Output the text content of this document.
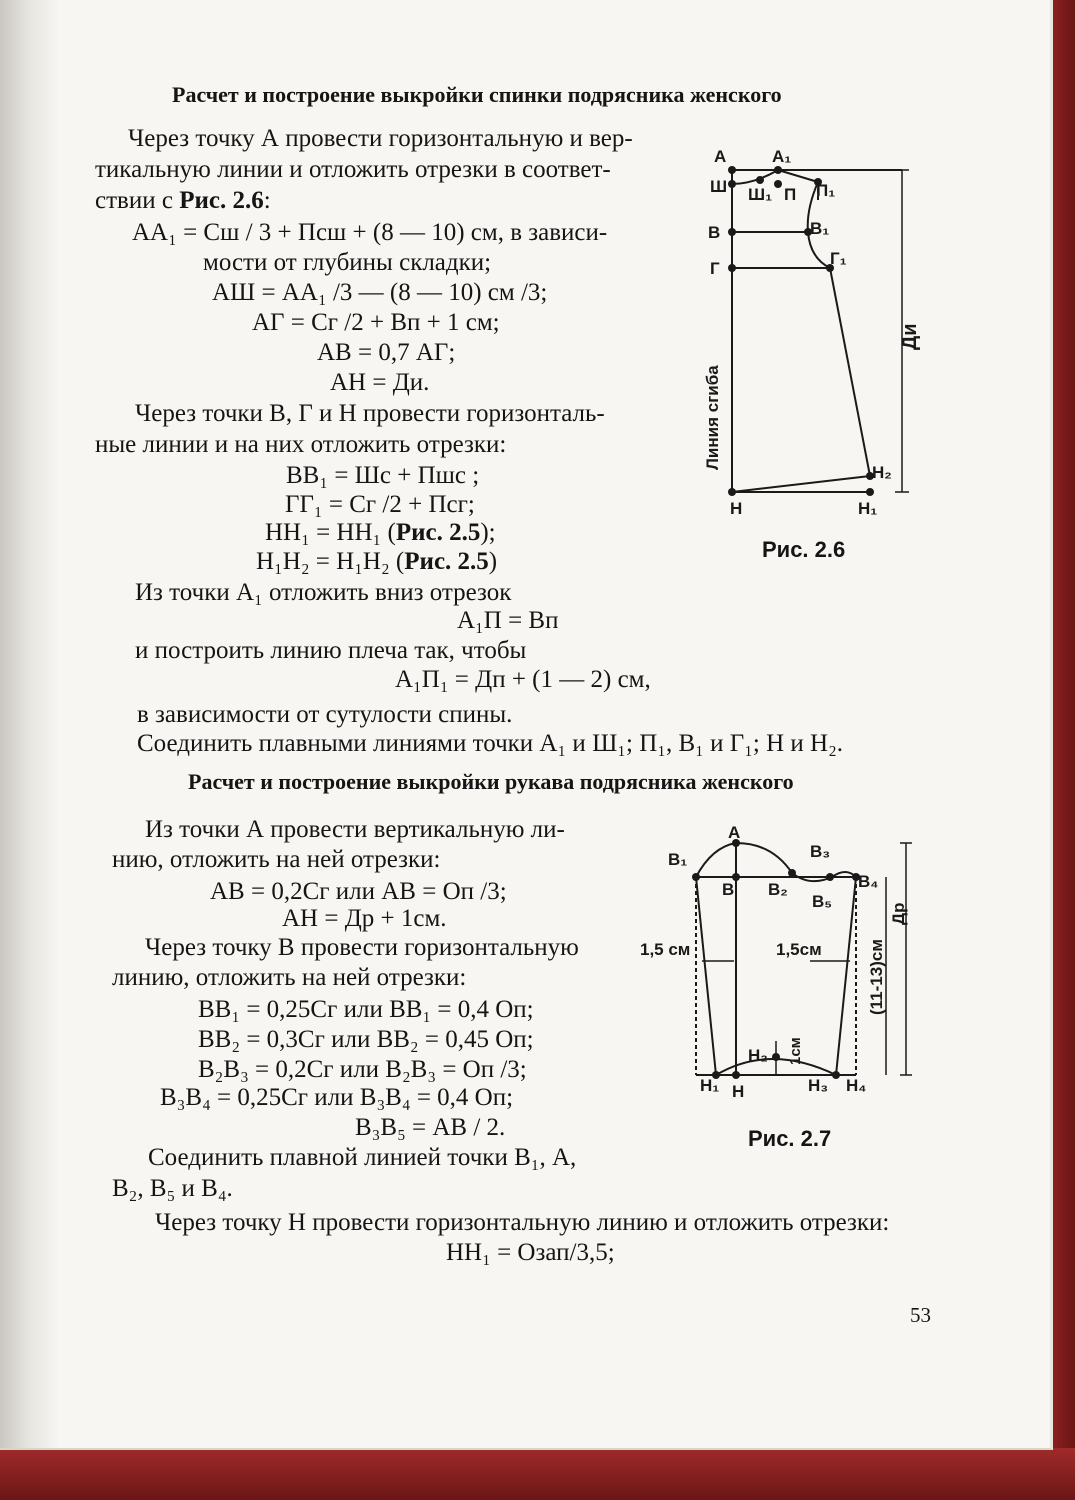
Расчет и построение выкройки спинки подрясника женского
Через точку А провести горизонтальную и вер-
тикальную линии и отложить отрезки в соответ-
ствии с Рис. 2.6:
АА₁ = Сш / 3 + Псш + (8 — 10) см, в зависи-
мости от глубины складки;
АШ = АА₁ /3 — (8 — 10) см /3;
АГ = Сг /2 + Вп + 1 см;
АВ = 0,7 АГ;
АН = Ди.
Через точки В, Г и Н провести горизонталь-
ные линии и на них отложить отрезки:
ВВ₁ = Шс + Пшс ;
ГГ₁ = Сг /2 + Псг;
НН₁ = НН₁ (Рис. 2.5);
Н₁Н₂ = Н₁Н₂ (Рис. 2.5)
Из точки А₁ отложить вниз отрезок
А₁П = Вп
и построить линию плеча так, чтобы
А₁П₁ = Дп + (1 — 2) см,
в зависимости от сутулости спины.
Соединить плавными линиями точки А₁ и Ш₁; П₁, В₁ и Г₁; Н и Н₂.
Расчет и построение выкройки рукава подрясника женского
Из точки А провести вертикальную ли-
нию, отложить на ней отрезки:
АВ = 0,2Сг или АВ = Оп /3;
АН = Др + 1см.
Через точку В провести горизонтальную
линию, отложить на ней отрезки:
ВВ₁ = 0,25Сг или ВВ₁ = 0,4 Оп;
ВВ₂ = 0,3Сг или ВВ₂ = 0,45 Оп;
В₂В₃ = 0,2Сг или В₂В₃ = Оп /3;
В₃В₄ = 0,25Сг или В₃В₄ = 0,4 Оп;
В₃В₅ = АВ / 2.
Соединить плавной линией точки В₁, А,
В₂, В₅ и В₄.
Через точку Н провести горизонтальную линию и отложить отрезки:
НН₁ = Озап/3,5;
А	А₁
Ш Ш₁ П П₁
В	В₁
Г
Г₁
Линия сгиба
Ди
Н₂
Н	Н₁
Рис. 2.6
А
В₁	В₃
В В₂	В₄
В₅
Др
1,5 см	1,5см	(11-13)см
1см
Н₂
Н₁ Н	Н₃ Н₄
Рис. 2.7
53
